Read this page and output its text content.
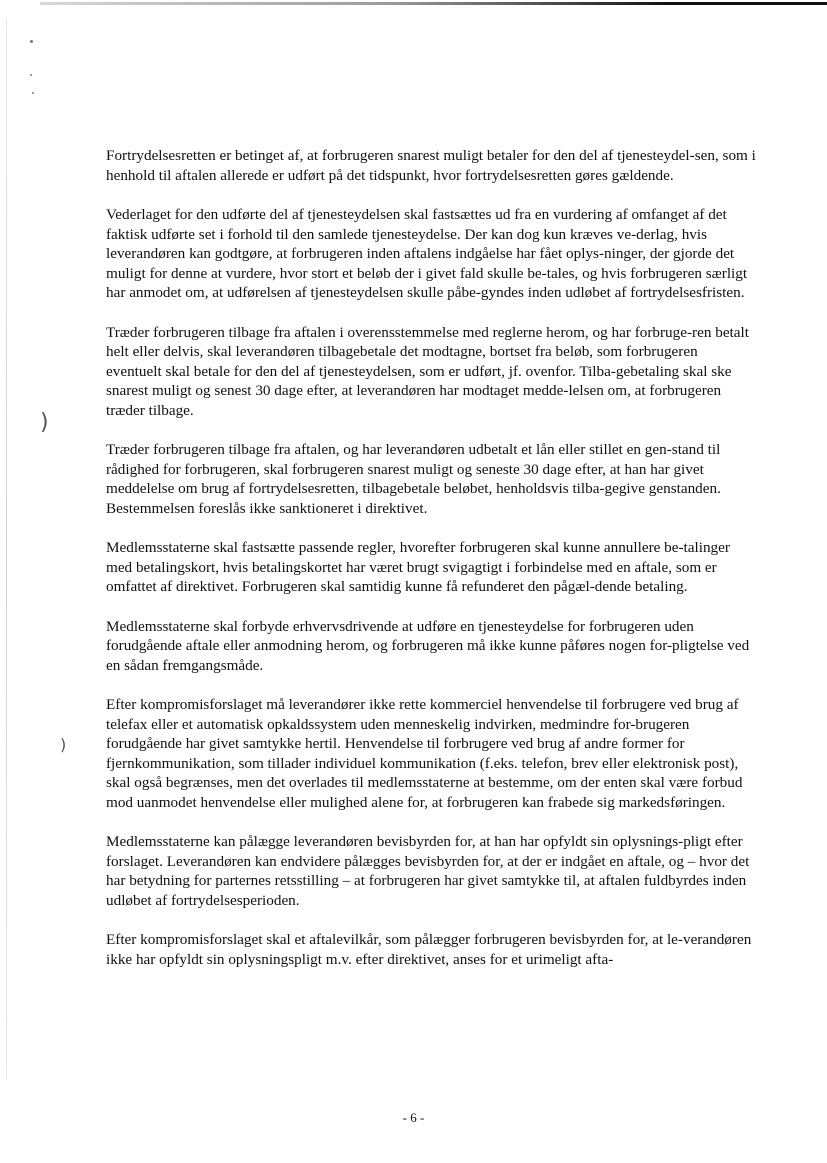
)
)

Fortrydelsesretten er betinget af, at forbrugeren snarest muligt betaler for den del af tjenesteydel-sen, som i henhold til aftalen allerede er udført på det tidspunkt, hvor fortrydelsesretten gøres gældende.

Vederlaget for den udførte del af tjenesteydelsen skal fastsættes ud fra en vurdering af omfanget af det faktisk udførte set i forhold til den samlede tjenesteydelse. Der kan dog kun kræves ve-derlag, hvis leverandøren kan godtgøre, at forbrugeren inden aftalens indgåelse har fået oplys-ninger, der gjorde det muligt for denne at vurdere, hvor stort et beløb der i givet fald skulle be-tales, og hvis forbrugeren særligt har anmodet om, at udførelsen af tjenesteydelsen skulle påbe-gyndes inden udløbet af fortrydelsesfristen.

Træder forbrugeren tilbage fra aftalen i overensstemmelse med reglerne herom, og har forbruge-ren betalt helt eller delvis, skal leverandøren tilbagebetale det modtagne, bortset fra beløb, som forbrugeren eventuelt skal betale for den del af tjenesteydelsen, som er udført, jf. ovenfor. Tilba-gebetaling skal ske snarest muligt og senest 30 dage efter, at leverandøren har modtaget medde-lelsen om, at forbrugeren træder tilbage.

Træder forbrugeren tilbage fra aftalen, og har leverandøren udbetalt et lån eller stillet en gen-stand til rådighed for forbrugeren, skal forbrugeren snarest muligt og seneste 30 dage efter, at han har givet meddelelse om brug af fortrydelsesretten, tilbagebetale beløbet, henholdsvis tilba-gegive genstanden. Bestemmelsen foreslås ikke sanktioneret i direktivet.

Medlemsstaterne skal fastsætte passende regler, hvorefter forbrugeren skal kunne annullere be-talinger med betalingskort, hvis betalingskortet har været brugt svigagtigt i forbindelse med en aftale, som er omfattet af direktivet. Forbrugeren skal samtidig kunne få refunderet den pågæl-dende betaling.

Medlemsstaterne skal forbyde erhvervsdrivende at udføre en tjenesteydelse for forbrugeren uden forudgående aftale eller anmodning herom, og forbrugeren må ikke kunne påføres nogen for-pligtelse ved en sådan fremgangsmåde.

Efter kompromisforslaget må leverandører ikke rette kommerciel henvendelse til forbrugere ved brug af telefax eller et automatisk opkaldssystem uden menneskelig indvirken, medmindre for-brugeren forudgående har givet samtykke hertil. Henvendelse til forbrugere ved brug af andre former for fjernkommunikation, som tillader individuel kommunikation (f.eks. telefon, brev eller elektronisk post), skal også begrænses, men det overlades til medlemsstaterne at bestemme, om der enten skal være forbud mod uanmodet henvendelse eller mulighed alene for, at forbrugeren kan frabede sig markedsføringen.

Medlemsstaterne kan pålægge leverandøren bevisbyrden for, at han har opfyldt sin oplysnings-pligt efter forslaget. Leverandøren kan endvidere pålægges bevisbyrden for, at der er indgået en aftale, og – hvor det har betydning for parternes retsstilling – at forbrugeren har givet samtykke til, at aftalen fuldbyrdes inden udløbet af fortrydelsesperioden.

Efter kompromisforslaget skal et aftalevilkår, som pålægger forbrugeren bevisbyrden for, at le-verandøren ikke har opfyldt sin oplysningspligt m.v. efter direktivet, anses for et urimeligt afta-

- 6 -
